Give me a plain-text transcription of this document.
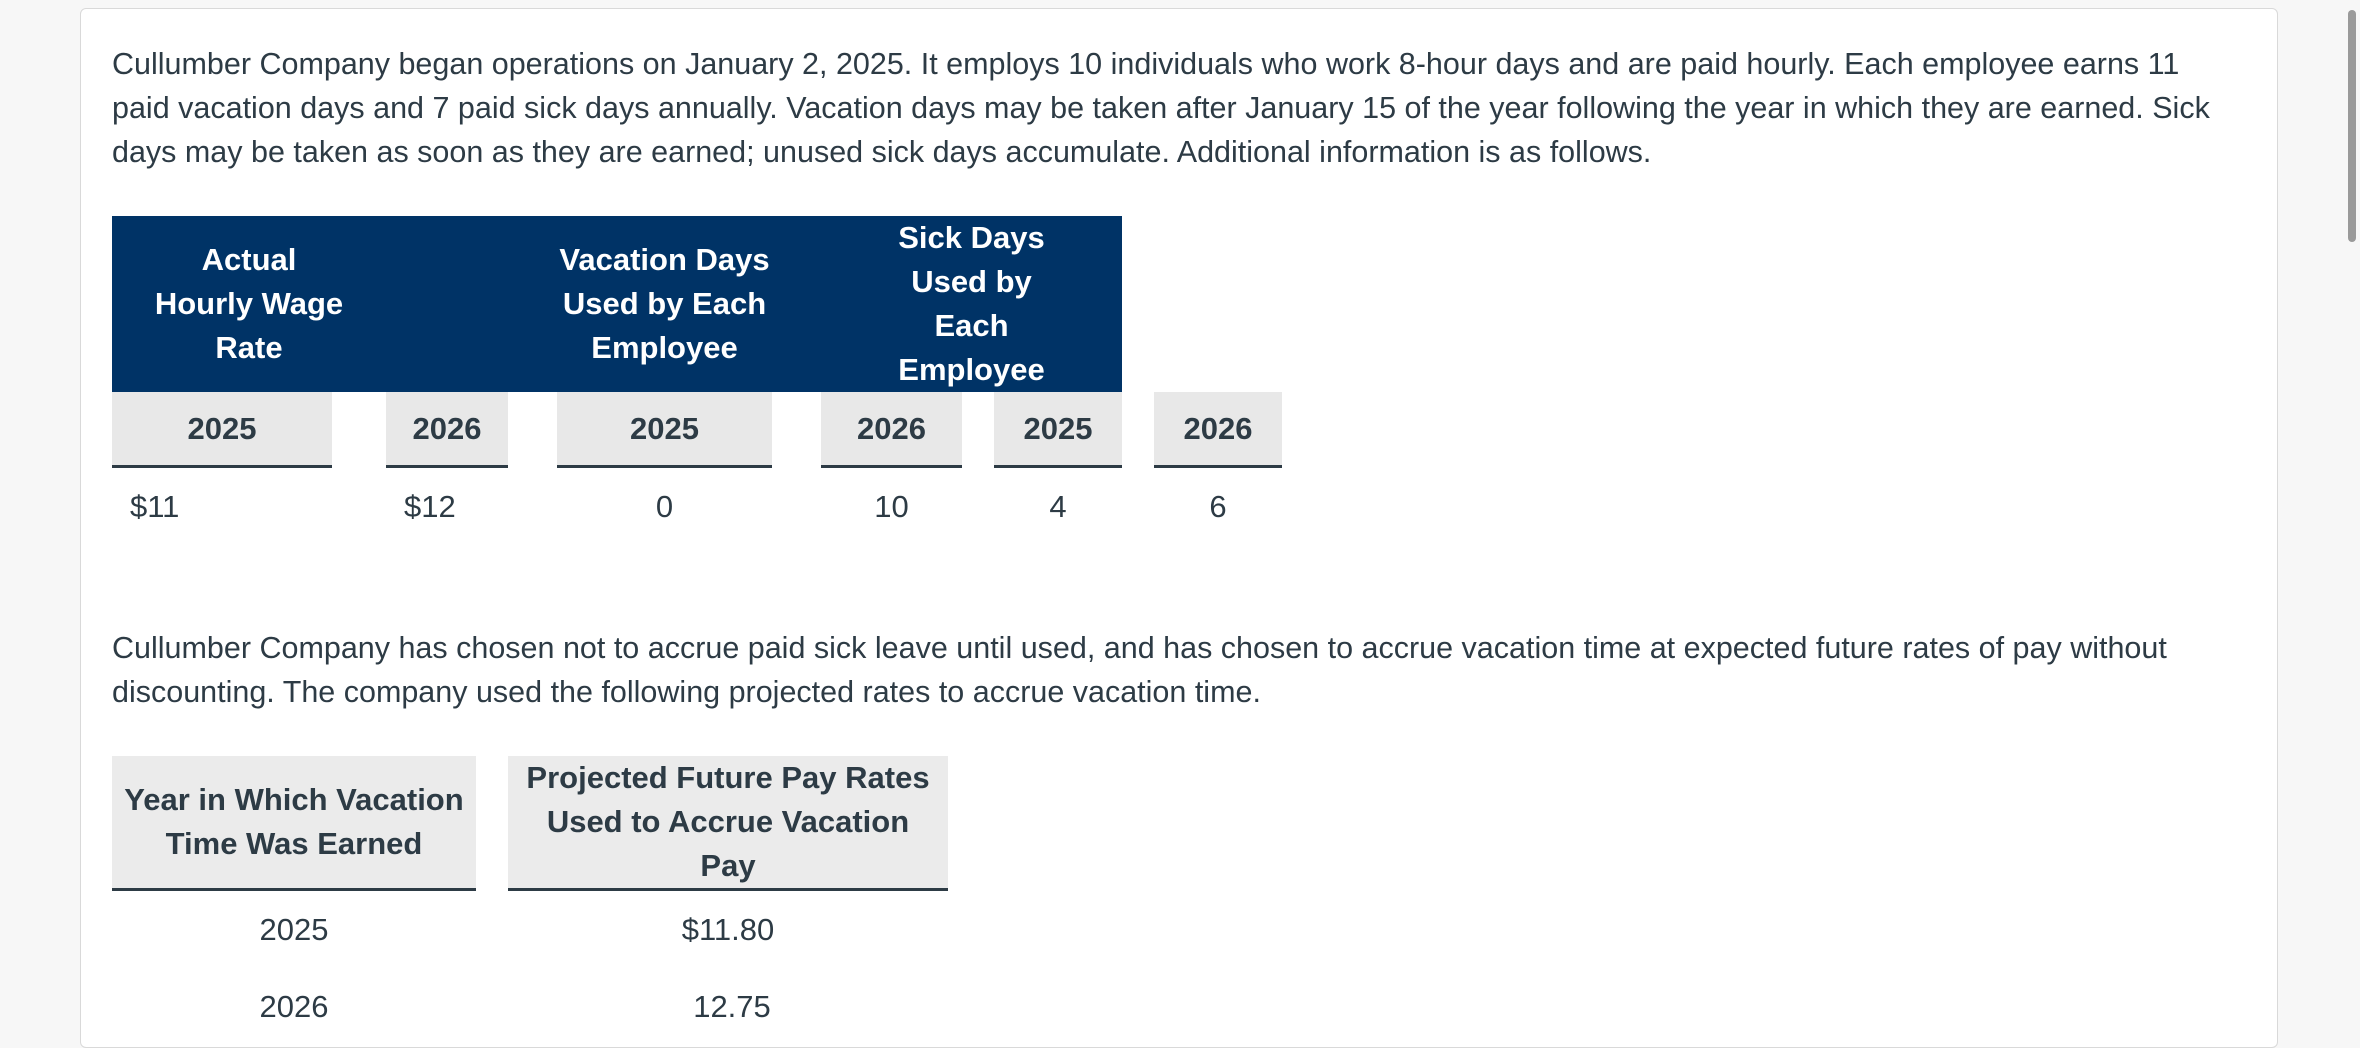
Cullumber Company began operations on January 2, 2025. It employs 10 individuals who work 8-hour days and are paid hourly. Each employee earns 11 paid vacation days and 7 paid sick days annually. Vacation days may be taken after January 15 of the year following the year in which they are earned. Sick days may be taken as soon as they are earned; unused sick days accumulate. Additional information is as follows.

Actual Hourly Wage Rate			Vacation Days Used by Each Employee			Sick Days Used by Each Employee				

2025		2026		2025		2026		2025		2026
$11		$12		0		10		4		6

Cullumber Company has chosen not to accrue paid sick leave until used, and has chosen to accrue vacation time at expected future rates of pay without discounting. The company used the following projected rates to accrue vacation time.

Year in Which Vacation Time Was Earned		Projected Future Pay Rates Used to Accrue Vacation Pay

2025		$11.80
2026		12.75
